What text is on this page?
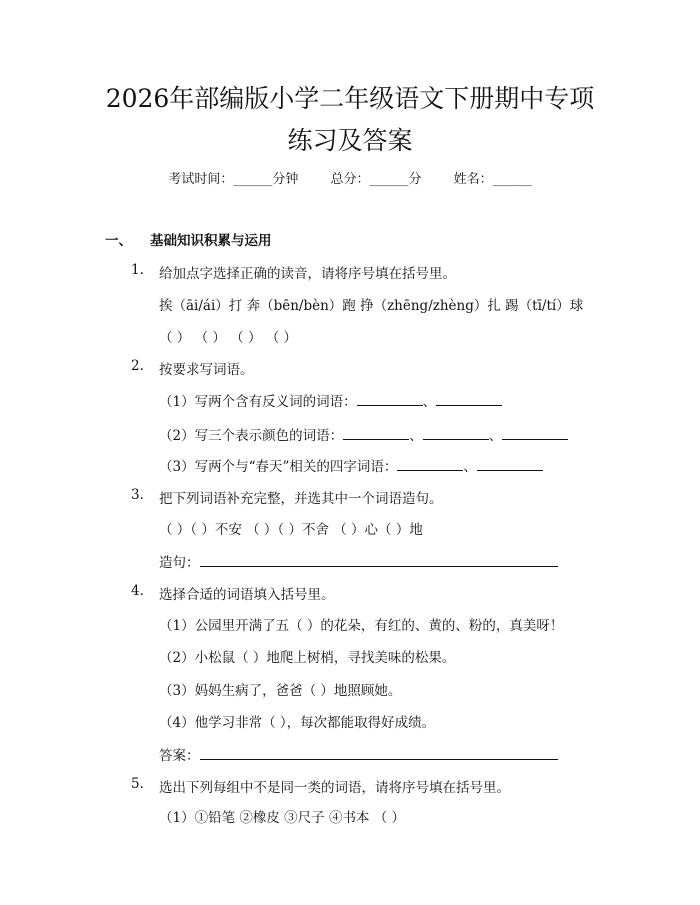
2026年部编版小学二年级语文下册期中专项
练习及答案
考试时间：______分钟 总分：______分 姓名：______
一、 基础知识积累与运用
1. 给加点字选择正确的读音，请将序号填在括号里。
挨（āi/ái）打 奔（bēn/bèn）跑 挣（zhēng/zhèng）扎 踢（tī/tí）球
（ ） （ ） （ ） （ ）
2. 按要求写词语。
（1）写两个含有反义词的词语：	、
（2）写三个表示颜色的词语：	、	、
（3）写两个与“春天”相关的四字词语：	、
3. 把下列词语补充完整，并选其中一个词语造句。
（ ）（ ）不安 （ ）（ ）不舍 （ ）心（ ）地
造句：
4. 选择合适的词语填入括号里。
（1）公园里开满了五（ ）的花朵，有红的、黄的、粉的，真美呀！
（2）小松鼠（ ）地爬上树梢，寻找美味的松果。
（3）妈妈生病了，爸爸（ ）地照顾她。
（4）他学习非常（ ），每次都能取得好成绩。
答案：
5. 选出下列每组中不是同一类的词语，请将序号填在括号里。
（1）①铅笔 ②橡皮 ③尺子 ④书本 （ ）
